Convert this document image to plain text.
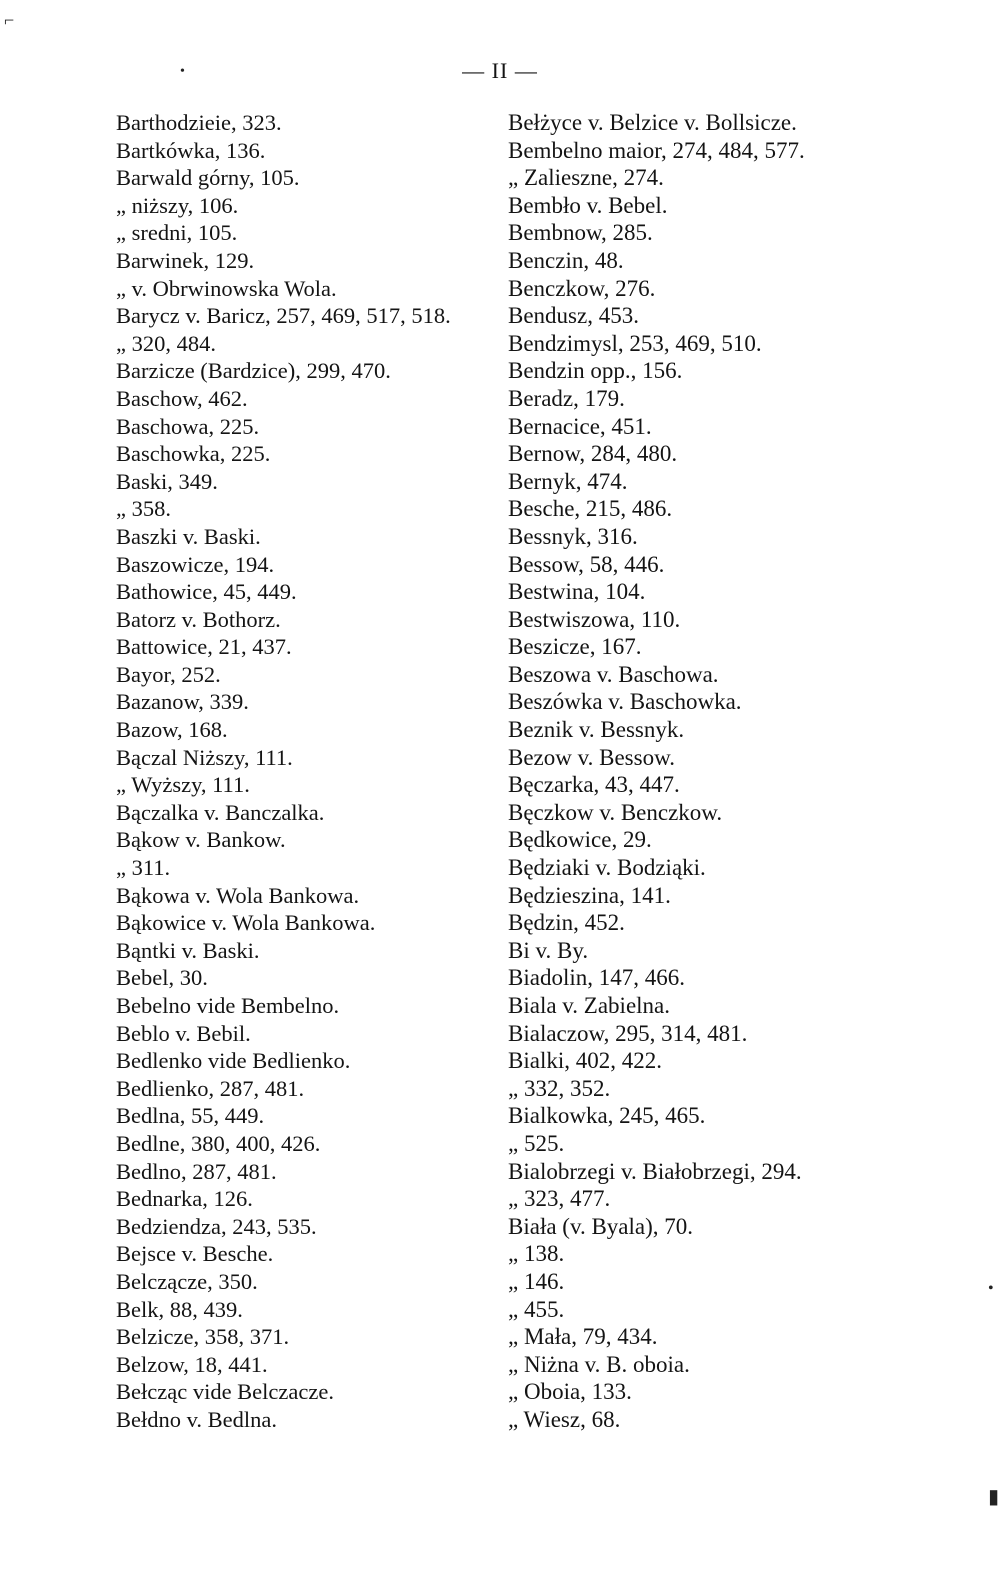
⌐
•
•
▮
— II —
Barthodzieie, 323.
Bartkówka, 136.
Barwald górny, 105.
„ niższy, 106.
„ sredni, 105.
Barwinek, 129.
„ v. Obrwinowska Wola.
Barycz v. Baricz, 257, 469, 517, 518.
„ 320, 484.
Barzicze (Bardzice), 299, 470.
Baschow, 462.
Baschowa, 225.
Baschowka, 225.
Baski, 349.
„ 358.
Baszki v. Baski.
Baszowicze, 194.
Bathowice, 45, 449.
Batorz v. Bothorz.
Battowice, 21, 437.
Bayor, 252.
Bazanow, 339.
Bazow, 168.
Bączal Niższy, 111.
„ Wyższy, 111.
Bączalka v. Banczalka.
Bąkow v. Bankow.
„ 311.
Bąkowa v. Wola Bankowa.
Bąkowice v. Wola Bankowa.
Bąntki v. Baski.
Bebel, 30.
Bebelno vide Bembelno.
Beblo v. Bebil.
Bedlenko vide Bedlienko.
Bedlienko, 287, 481.
Bedlna, 55, 449.
Bedlne, 380, 400, 426.
Bedlno, 287, 481.
Bednarka, 126.
Bedziendza, 243, 535.
Bejsce v. Besche.
Belczącze, 350.
Belk, 88, 439.
Belzicze, 358, 371.
Belzow, 18, 441.
Bełcząc vide Belczacze.
Bełdno v. Bedlna.
Bełżyce v. Belzice v. Bollsicze.
Bembelno maior, 274, 484, 577.
„ Zalieszne, 274.
Bembło v. Bebel.
Bembnow, 285.
Benczin, 48.
Benczkow, 276.
Bendusz, 453.
Bendzimysl, 253, 469, 510.
Bendzin opp., 156.
Beradz, 179.
Bernacice, 451.
Bernow, 284, 480.
Bernyk, 474.
Besche, 215, 486.
Bessnyk, 316.
Bessow, 58, 446.
Bestwina, 104.
Bestwiszowa, 110.
Beszicze, 167.
Beszowa v. Baschowa.
Beszówka v. Baschowka.
Beznik v. Bessnyk.
Bezow v. Bessow.
Bęczarka, 43, 447.
Bęczkow v. Benczkow.
Będkowice, 29.
Będziaki v. Bodziąki.
Będzieszina, 141.
Będzin, 452.
Bi v. By.
Biadolin, 147, 466.
Biala v. Zabielna.
Bialaczow, 295, 314, 481.
Bialki, 402, 422.
„ 332, 352.
Bialkowka, 245, 465.
„ 525.
Bialobrzegi v. Białobrzegi, 294.
„ 323, 477.
Biała (v. Byala), 70.
„ 138.
„ 146.
„ 455.
„ Mała, 79, 434.
„ Niżna v. B. oboia.
„ Oboia, 133.
„ Wiesz, 68.
